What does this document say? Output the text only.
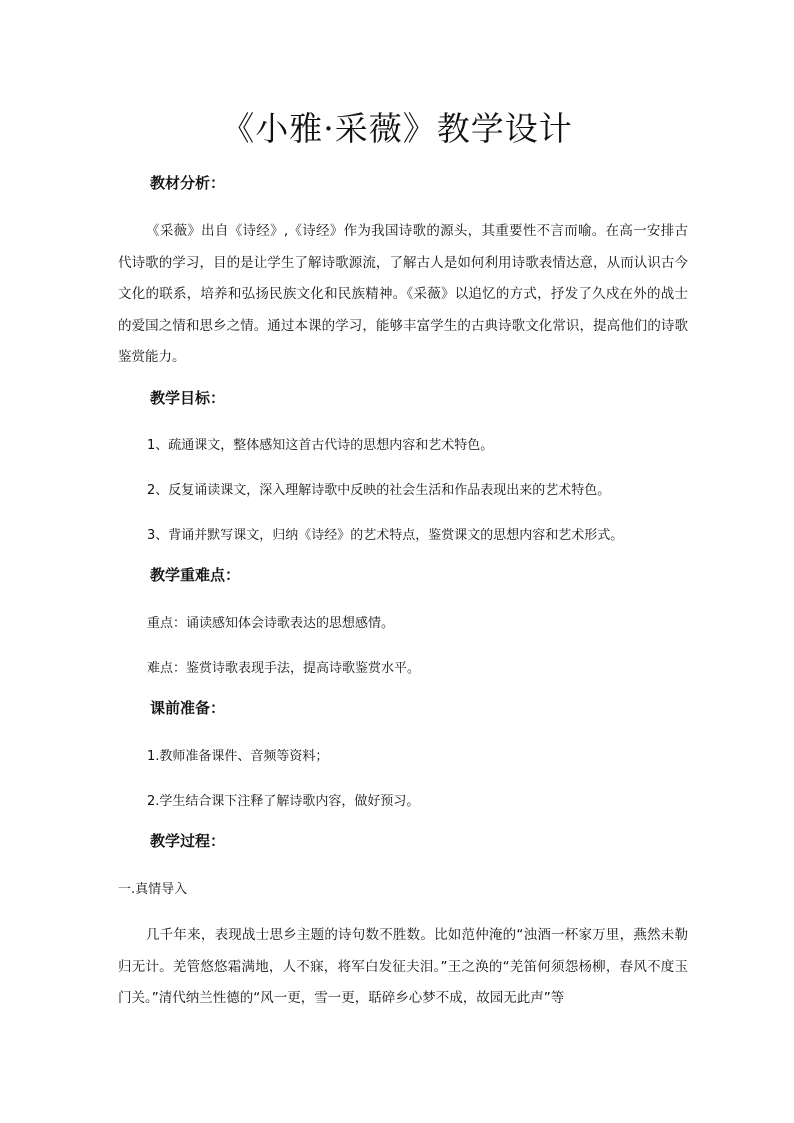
《小雅·采薇》教学设计
教材分析：
《采薇》出自《诗经》,《诗经》作为我国诗歌的源头，其重要性不言而喻。在高一安排古代诗歌的学习，目的是让学生了解诗歌源流，了解古人是如何利用诗歌表情达意，从而认识古今文化的联系，培养和弘扬民族文化和民族精神。《采薇》以追忆的方式，抒发了久戍在外的战士的爱国之情和思乡之情。通过本课的学习，能够丰富学生的古典诗歌文化常识，提高他们的诗歌鉴赏能力。
教学目标：
1、疏通课文，整体感知这首古代诗的思想内容和艺术特色。
2、反复诵读课文，深入理解诗歌中反映的社会生活和作品表现出来的艺术特色。
3、背诵并默写课文，归纳《诗经》的艺术特点，鉴赏课文的思想内容和艺术形式。
教学重难点：
重点：诵读感知体会诗歌表达的思想感情。
难点：鉴赏诗歌表现手法，提高诗歌鉴赏水平。
课前准备：
1.教师准备课件、音频等资料；
2.学生结合课下注释了解诗歌内容，做好预习。
教学过程：
一.真情导入
几千年来，表现战士思乡主题的诗句数不胜数。比如范仲淹的“浊酒一杯家万里，燕然未勒归无计。羌管悠悠霜满地，人不寐，将军白发征夫泪。”王之涣的“羌笛何须怨杨柳，春风不度玉门关。”清代纳兰性德的“风一更，雪一更，聒碎乡心梦不成，故园无此声”等
